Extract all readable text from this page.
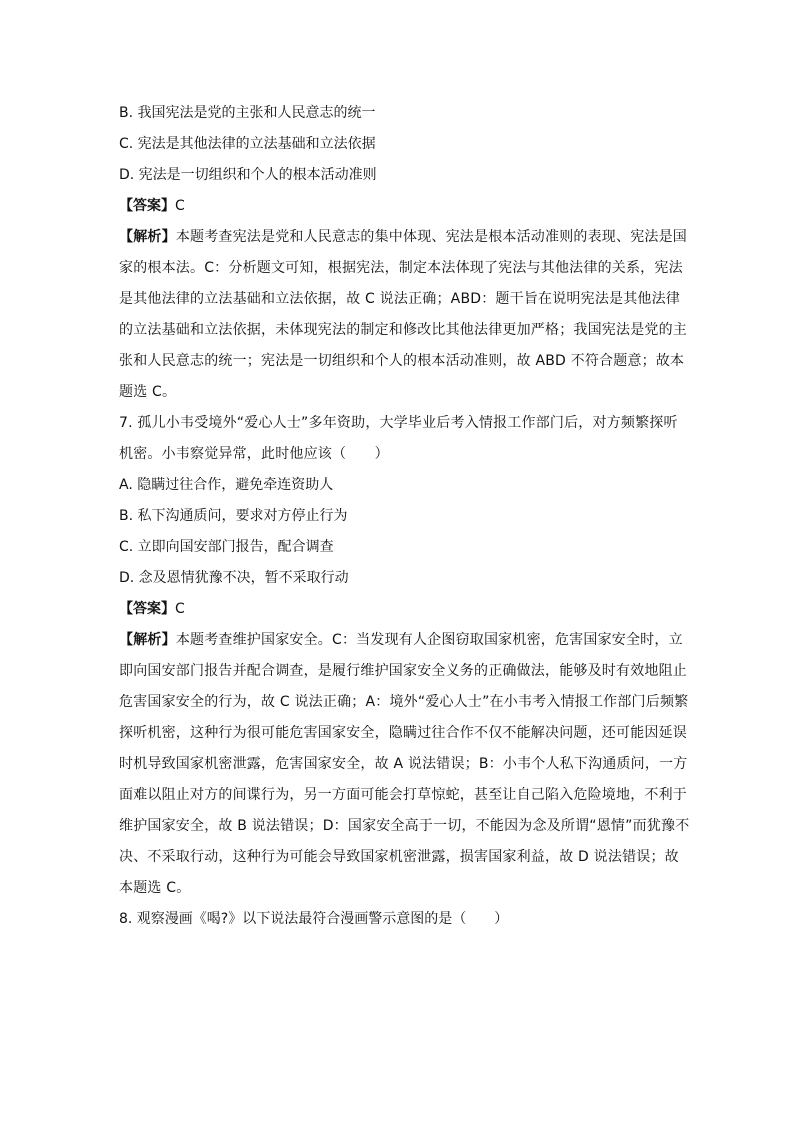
B. 我国宪法是党的主张和人民意志的统一
C. 宪法是其他法律的立法基础和立法依据
D. 宪法是一切组织和个人的根本活动准则
【答案】C
【解析】本题考查宪法是党和人民意志的集中体现、宪法是根本活动准则的表现、宪法是国
家的根本法。C：分析题文可知，根据宪法，制定本法体现了宪法与其他法律的关系，宪法
是其他法律的立法基础和立法依据，故 C 说法正确；ABD：题干旨在说明宪法是其他法律
的立法基础和立法依据，未体现宪法的制定和修改比其他法律更加严格；我国宪法是党的主
张和人民意志的统一；宪法是一切组织和个人的根本活动准则，故 ABD 不符合题意；故本
题选 C。
7. 孤儿小韦受境外“爱心人士”多年资助，大学毕业后考入情报工作部门后，对方频繁探听
机密。小韦察觉异常，此时他应该（　　）
A. 隐瞒过往合作，避免牵连资助人
B. 私下沟通质问，要求对方停止行为
C. 立即向国安部门报告，配合调查
D. 念及恩情犹豫不决，暂不采取行动
【答案】C
【解析】本题考查维护国家安全。C：当发现有人企图窃取国家机密，危害国家安全时，立
即向国安部门报告并配合调查，是履行维护国家安全义务的正确做法，能够及时有效地阻止
危害国家安全的行为，故 C 说法正确；A：境外“爱心人士”在小韦考入情报工作部门后频繁
探听机密，这种行为很可能危害国家安全，隐瞒过往合作不仅不能解决问题，还可能因延误
时机导致国家机密泄露，危害国家安全，故 A 说法错误；B：小韦个人私下沟通质问，一方
面难以阻止对方的间谍行为，另一方面可能会打草惊蛇，甚至让自己陷入危险境地，不利于
维护国家安全，故 B 说法错误；D：国家安全高于一切，不能因为念及所谓“恩情”而犹豫不
决、不采取行动，这种行为可能会导致国家机密泄露，损害国家利益，故 D 说法错误；故
本题选 C。
8. 观察漫画《喝?》以下说法最符合漫画警示意图的是（　　）
